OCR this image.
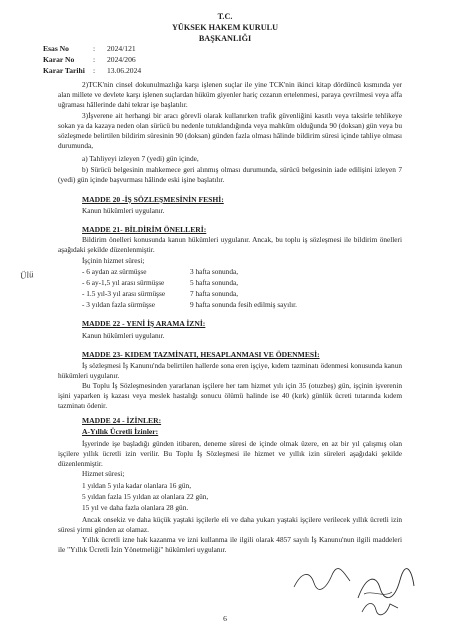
T.C.
YÜKSEK HAKEM KURULU
BAŞKANLIĞI
Esas No	: 2024/121
Karar No : 2024/206
Karar Tarihi : 13.06.2024

2)TCK'nin cinsel dokunulmazlığa karşı işlenen suçlar ile yine TCK'nin ikinci kitap dördüncü kısmında yer alan millete ve devlete karşı işlenen suçlardan hüküm giyenler hariç cezanın ertelenmesi, paraya çevrilmesi veya affa uğraması hâllerinde dahi tekrar işe başlatılır.

3)İşverene ait herhangi bir aracı görevli olarak kullanırken trafik güvenliğini kasıtlı veya taksirle tehlikeye sokan ya da kazaya neden olan sürücü bu nedenle tutuklandığında veya mahkûm olduğunda 90 (doksan) gün veya bu sözleşmede belirtilen bildirim süresinin 90 (doksan) günden fazla olması hâlinde bildirim süresi içinde tahliye olması durumunda,

a) Tahliyeyi izleyen 7 (yedi) gün içinde,

b) Sürücü belgesinin mahkemece geri alınmış olması durumunda, sürücü belgesinin iade edilişini izleyen 7 (yedi) gün içinde başvurması hâlinde eski işine başlatılır.

MADDE 20 -İŞ SÖZLEŞMESİNİN FESHİ:
Kanun hükümleri uygulanır.
MADDE 21- BİLDİRİM ÖNELLERİ:

Bildirim önelleri konusunda kanun hükümleri uygulanır. Ancak, bu toplu iş sözleşmesi ile bildirim önelleri aşağıdaki şekilde düzenlenmiştir.

İşçinin hizmet süresi;
- 6 aydan az sürmüşse	3 hafta sonunda,
- 6 ay-1,5 yıl arası sürmüşse	5 hafta sonunda,
- 1.5 yıl-3 yıl arası sürmüşse	7 hafta sonunda,
- 3 yıldan fazla sürmüşse	9 hafta sonunda fesih edilmiş sayılır.
Ülü
MADDE 22 - YENİ İŞ ARAMA İZNİ:
Kanun hükümleri uygulanır.
MADDE 23- KIDEM TAZMİNATI, HESAPLANMASI VE ÖDENMESİ:

İş sözleşmesi İş Kanunu'nda belirtilen hallerde sona eren işçiye, kıdem tazminatı ödenmesi konusunda kanun hükümleri uygulanır.

Bu Toplu İş Sözleşmesinden yararlanan işçilere her tam hizmet yılı için 35 (otuzbeş) gün, işçinin işverenin işini yaparken iş kazası veya meslek hastalığı sonucu ölümü halinde ise 40 (kırk) günlük ücreti tutarında kıdem tazminatı ödenir.

MADDE 24 - İZİNLER:
A-Yıllık Ücretli İzinler:

İşyerinde işe başladığı günden itibaren, deneme süresi de içinde olmak üzere, en az bir yıl çalışmış olan işçilere yıllık ücretli izin verilir. Bu Toplu İş Sözleşmesi ile hizmet ve yıllık izin süreleri aşağıdaki şekilde düzenlenmiştir.

Hizmet süresi;
1 yıldan 5 yıla kadar olanlara 16 gün,
5 yıldan fazla 15 yıldan az olanlara 22 gün,
15 yıl ve daha fazla olanlara 28 gün.

Ancak onsekiz ve daha küçük yaştaki işçilerle eli ve daha yukarı yaştaki işçilere verilecek yıllık ücretli izin süresi yirmi günden az olamaz.

Yıllık ücretli izne hak kazanma ve izni kullanma ile ilgili olarak 4857 sayılı İş Kanunu'nun ilgili maddeleri ile "Yıllık Ücretli İzin Yönetmeliği" hükümleri uygulanır.

6
